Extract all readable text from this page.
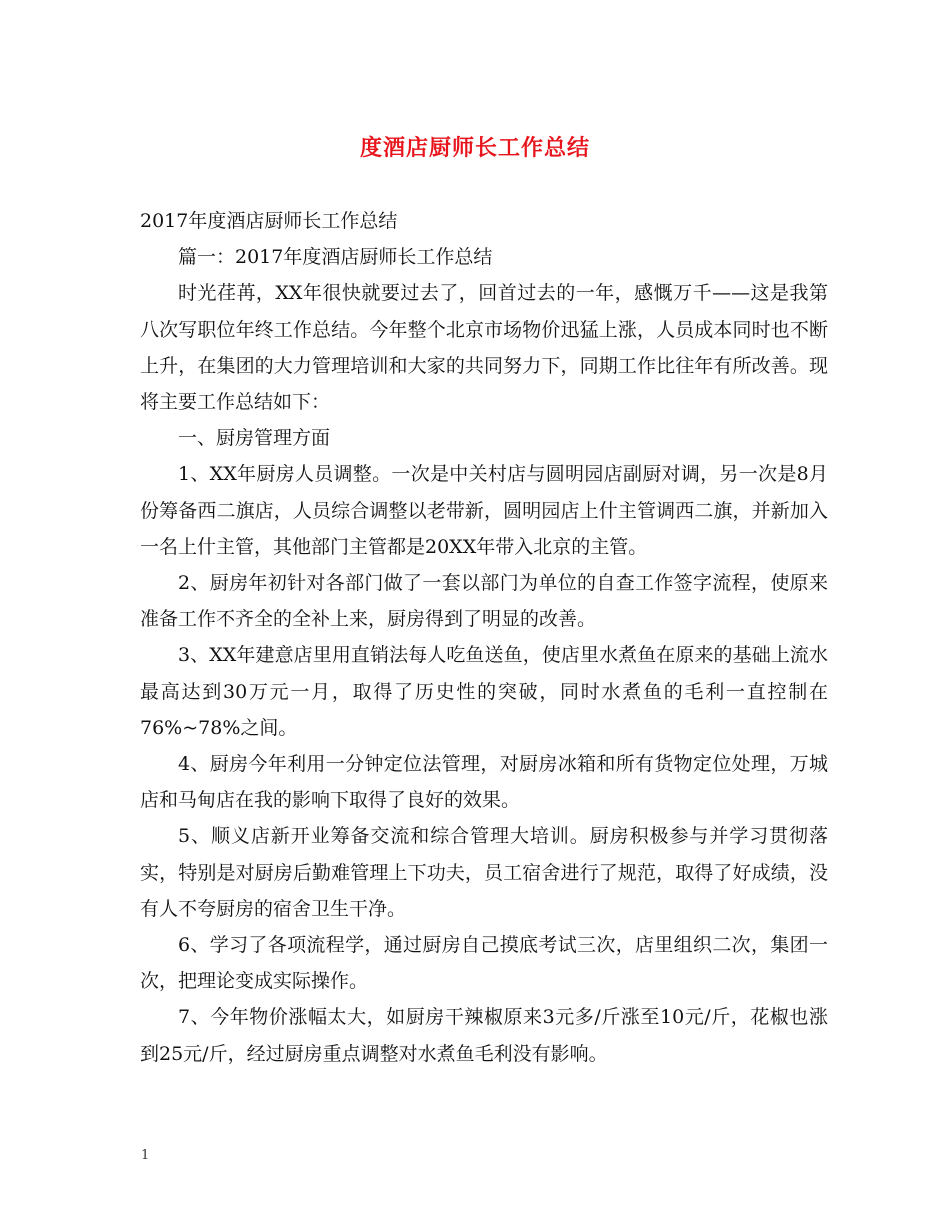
度酒店厨师长工作总结

2017年度酒店厨师长工作总结

篇一：2017年度酒店厨师长工作总结

时光荏苒，XX年很快就要过去了，回首过去的一年，感慨万千——这是我第八次写职位年终工作总结。今年整个北京市场物价迅猛上涨，人员成本同时也不断上升，在集团的大力管理培训和大家的共同努力下，同期工作比往年有所改善。现将主要工作总结如下：

一、厨房管理方面

1、XX年厨房人员调整。一次是中关村店与圆明园店副厨对调，另一次是8月份筹备西二旗店，人员综合调整以老带新，圆明园店上什主管调西二旗，并新加入一名上什主管，其他部门主管都是20XX年带入北京的主管。

2、厨房年初针对各部门做了一套以部门为单位的自查工作签字流程，使原来准备工作不齐全的全补上来，厨房得到了明显的改善。

3、XX年建意店里用直销法每人吃鱼送鱼，使店里水煮鱼在原来的基础上流水最高达到30万元一月，取得了历史性的突破，同时水煮鱼的毛利一直控制在76%~78%之间。

4、厨房今年利用一分钟定位法管理，对厨房冰箱和所有货物定位处理，万城店和马甸店在我的影响下取得了良好的效果。

5、顺义店新开业筹备交流和综合管理大培训。厨房积极参与并学习贯彻落实，特别是对厨房后勤难管理上下功夫，员工宿舍进行了规范，取得了好成绩，没有人不夸厨房的宿舍卫生干净。

6、学习了各项流程学，通过厨房自己摸底考试三次，店里组织二次，集团一次，把理论变成实际操作。

7、今年物价涨幅太大，如厨房干辣椒原来3元多/斤涨至10元/斤，花椒也涨到25元/斤，经过厨房重点调整对水煮鱼毛利没有影响。

1
